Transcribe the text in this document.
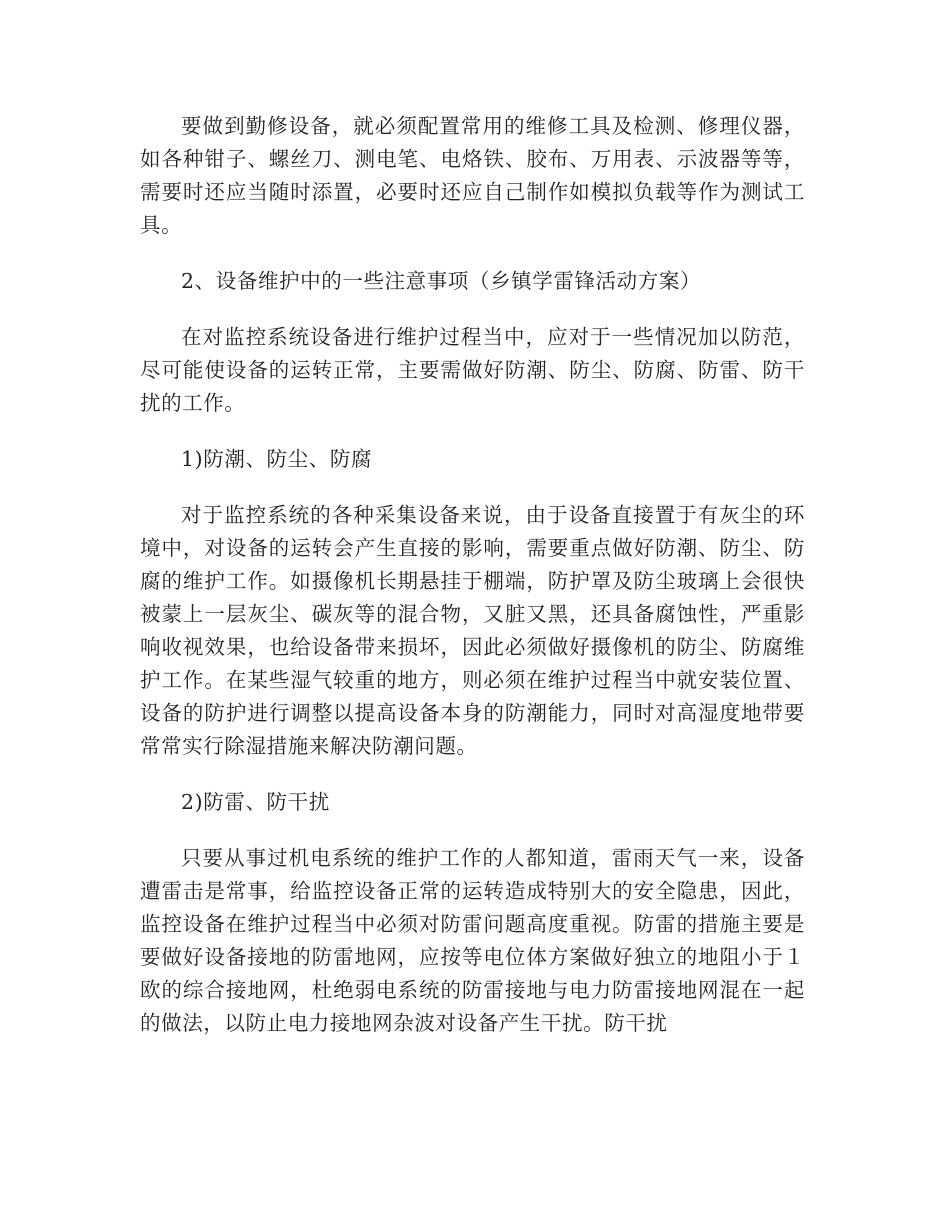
要做到勤修设备，就必须配置常用的维修工具及检测、修理仪器，如各种钳子、螺丝刀、测电笔、电烙铁、胶布、万用表、示波器等等，需要时还应当随时添置，必要时还应自己制作如模拟负载等作为测试工具。

2、设备维护中的一些注意事项（乡镇学雷锋活动方案）

在对监控系统设备进行维护过程当中，应对于一些情况加以防范，尽可能使设备的运转正常，主要需做好防潮、防尘、防腐、防雷、防干扰的工作。

1)防潮、防尘、防腐

对于监控系统的各种采集设备来说，由于设备直接置于有灰尘的环境中，对设备的运转会产生直接的影响，需要重点做好防潮、防尘、防腐的维护工作。如摄像机长期悬挂于棚端，防护罩及防尘玻璃上会很快被蒙上一层灰尘、碳灰等的混合物，又脏又黑，还具备腐蚀性，严重影响收视效果，也给设备带来损坏，因此必须做好摄像机的防尘、防腐维护工作。在某些湿气较重的地方，则必须在维护过程当中就安装位置、设备的防护进行调整以提高设备本身的防潮能力，同时对高湿度地带要常常实行除湿措施来解决防潮问题。

2)防雷、防干扰

只要从事过机电系统的维护工作的人都知道，雷雨天气一来，设备遭雷击是常事，给监控设备正常的运转造成特别大的安全隐患，因此，监控设备在维护过程当中必须对防雷问题高度重视。防雷的措施主要是要做好设备接地的防雷地网，应按等电位体方案做好独立的地阻小于１欧的综合接地网，杜绝弱电系统的防雷接地与电力防雷接地网混在一起的做法，以防止电力接地网杂波对设备产生干扰。防干扰
